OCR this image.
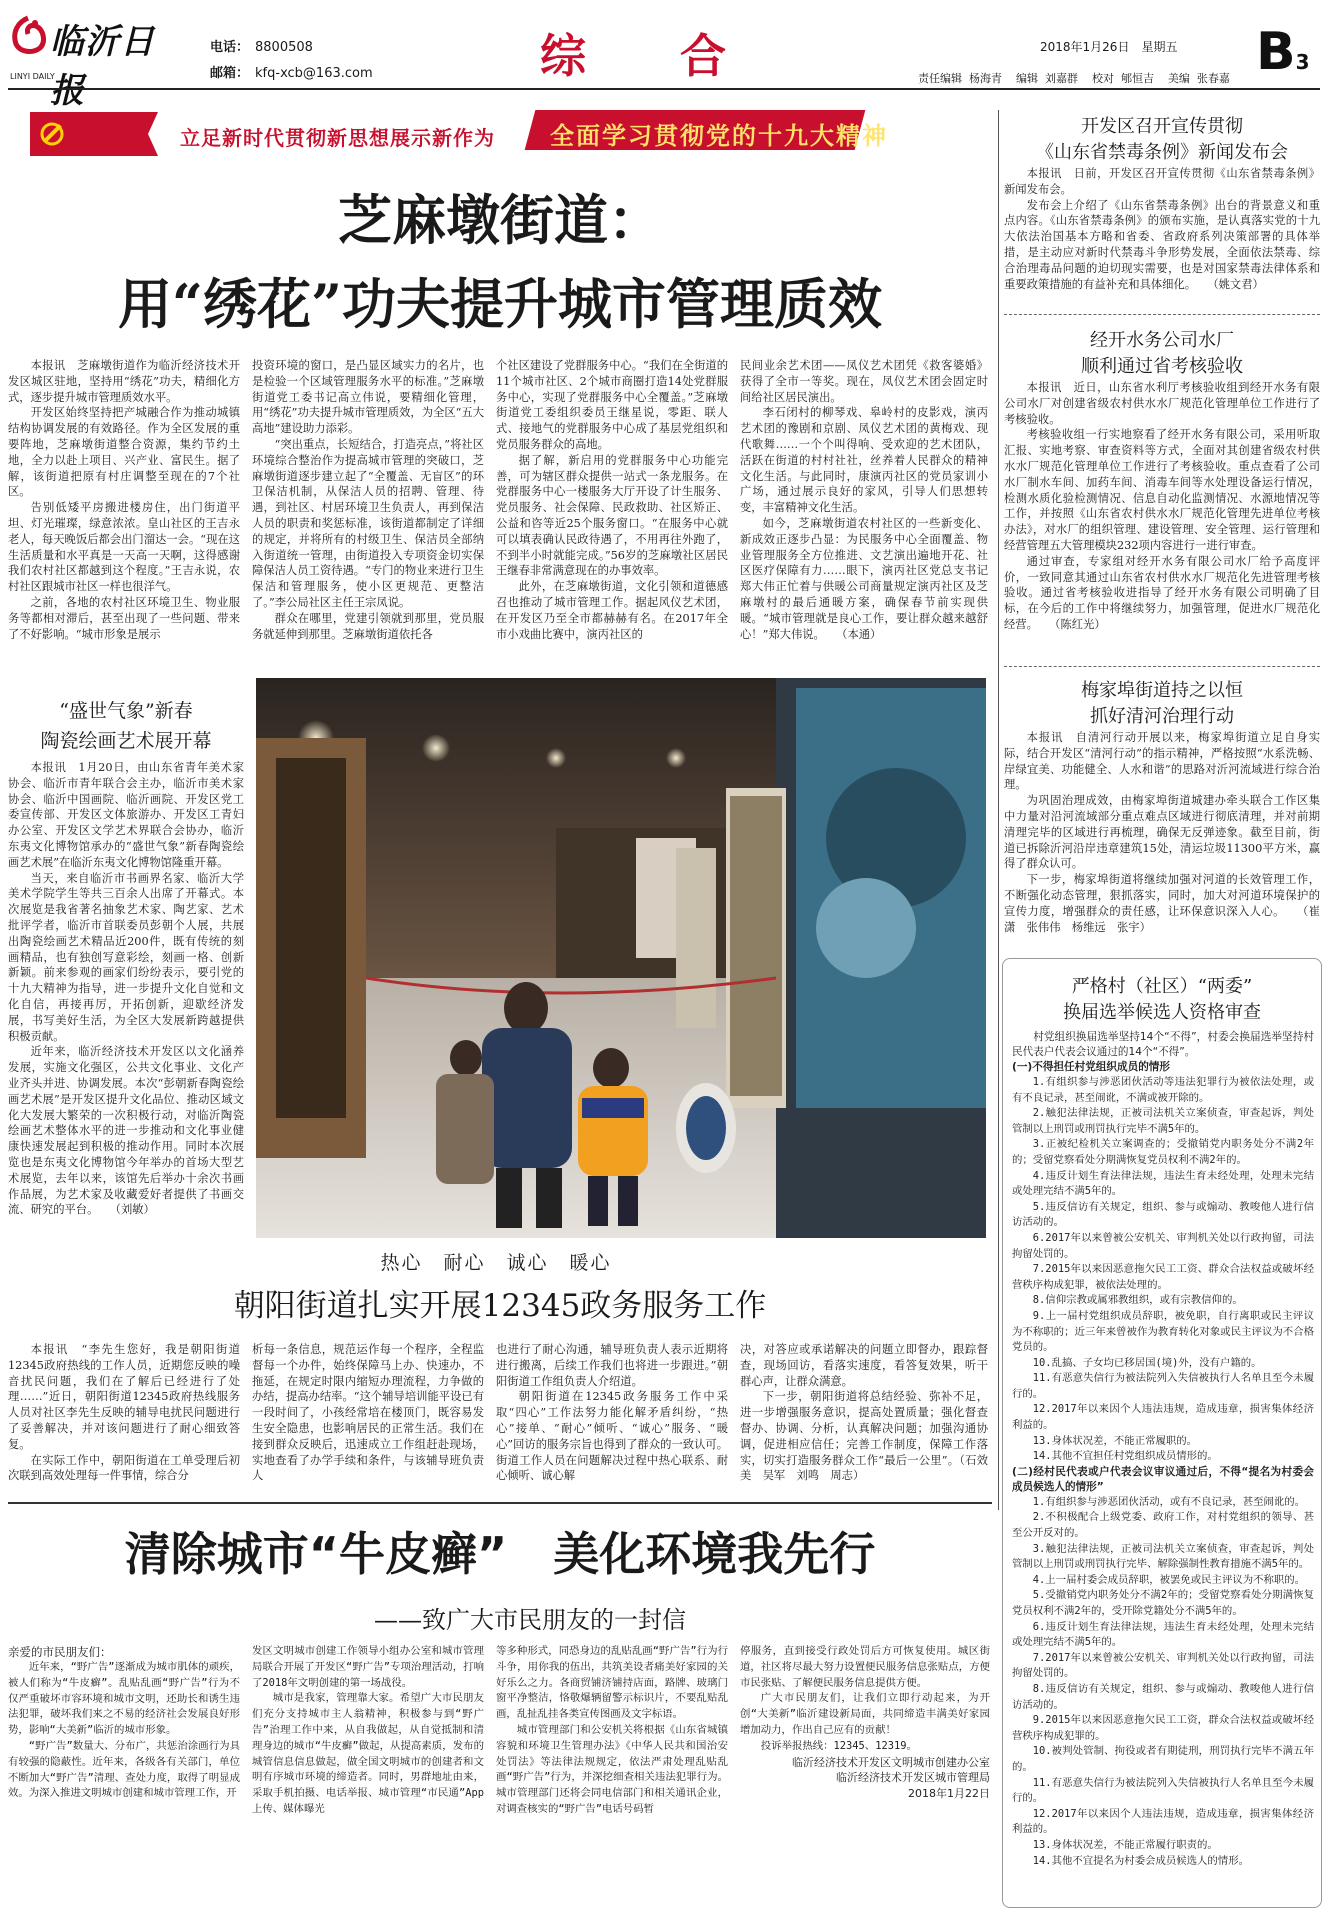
临沂日报
LINYI DAILY
电话： 8800508
邮箱： kfq-xcb@163.com	综 合	2018年1月26日 星期五
责任编辑  杨海青    编辑  刘嘉群    校对  郇恒吉    美编  张春嘉 B3
立足新时代贯彻新思想展示新作为 全面学习贯彻党的十九大精神
芝麻墩街道：
用“绣花”功夫提升城市管理质效

本报讯　芝麻墩街道作为临沂经济技术开发区城区驻地，坚持用“绣花”功夫，精细化方式，逐步提升城市管理质效水平。

开发区始终坚持把产城融合作为推动城镇结构协调发展的有效路径。作为全区发展的重要阵地，芝麻墩街道整合资源，集约节约土地，全力以赴上项目、兴产业、富民生。据了解，该街道把原有村庄调整至现在的7个社区。

告别低矮平房搬进楼房住，出门街道平坦、灯光璀璨，绿意浓浓。皇山社区的王吉永老人，每天晚饭后都会出门溜达一会。“现在这生活质量和水平真是一天高一天啊，这得感谢我们农村社区都越到这个程度。”王吉永说，农村社区跟城市社区一样也很洋气。

之前，各地的农村社区环境卫生、物业服务等都相对滞后，甚至出现了一些问题、带来了不好影响。“城市形象是展示

投资环境的窗口，是凸显区域实力的名片，也是检验一个区域管理服务水平的标准。”芝麻墩街道党工委书记高立伟说，要精细化管理，用“绣花”功夫提升城市管理质效，为全区“五大高地”建设助力添彩。

“突出重点，长短结合，打造亮点，”将社区环境综合整治作为提高城市管理的突破口，芝麻墩街道逐步建立起了“全覆盖、无盲区”的环卫保洁机制，从保洁人员的招聘、管理、待遇，到社区、村居环境卫生负责人，再到保洁人员的职责和奖惩标准，该街道都制定了详细的规定，并将所有的村级卫生、保洁员全部纳入街道统一管理，由街道投入专项资金切实保障保洁人员工资待遇。“专门的物业来进行卫生保洁和管理服务，使小区更规范、更整洁了。”李公局社区主任王宗凤说。

群众在哪里，党建引领就到那里，党员服务就延伸到那里。芝麻墩街道依托各

个社区建设了党群服务中心。“我们在全街道的11个城市社区、2个城市商圈打造14处党群服务中心，实现了党群服务中心全覆盖。”芝麻墩街道党工委组织委员王继星说，零距、联人式、接地气的党群服务中心成了基层党组织和党员服务群众的高地。

据了解，新启用的党群服务中心功能完善，可为辖区群众提供一站式一条龙服务。在党群服务中心一楼服务大厅开设了计生服务、党员服务、社会保障、民政救助、社区矫正、公益和咨等近25个服务窗口。“在服务中心就可以填表确认民政待遇了，不用再往外跑了，不到半小时就能完成。”56岁的芝麻墩社区居民王继春非常满意现在的办事效率。

此外，在芝麻墩街道，文化引领和道德感召也推动了城市管理工作。据起风仪艺术团，在开发区乃至全市都赫赫有名。在2017年全市小戏曲比赛中，演丙社区的

民间业余艺术团——凤仪艺术团凭《救客婆婚》获得了全市一等奖。现在，凤仪艺术团会固定时间给社区居民演出。

李石闭村的柳琴戏、皋岭村的皮影戏，演丙艺术团的豫剧和京剧、凤仪艺术团的黄梅戏、现代歌舞……一个个叫得响、受欢迎的艺术团队，活跃在街道的村村社社，丝养着人民群众的精神文化生活。与此同时，康演丙社区的党员家训小广场，通过展示良好的家风，引导人们思想转变，丰富精神文化生活。

如今，芝麻墩街道农村社区的一些新变化、新成效正逐步凸显：为民服务中心全面覆盖、物业管理服务全方位推进、文艺演出遍地开花、社区医疗保障有力……眼下，演丙社区党总支书记郑大伟正忙着与供暖公司商量规定演丙社区及芝麻墩村的最后通暖方案，确保春节前实现供暖。“城市管理就是良心工作，要让群众越来越舒心！”郑大伟说。　　（本通）

开发区召开宣传贯彻
《山东省禁毒条例》新闻发布会

本报讯　日前，开发区召开宣传贯彻《山东省禁毒条例》新闻发布会。

发布会上介绍了《山东省禁毒条例》出台的背景意义和重点内容。《山东省禁毒条例》的颁布实施，是认真落实党的十九大依法治国基本方略和省委、省政府系列决策部署的具体举措，是主动应对新时代禁毒斗争形势发展，全面依法禁毒、综合治理毒品问题的迫切现实需要，也是对国家禁毒法律体系和重要政策措施的有益补充和具体细化。　　（姚文君）

经开水务公司水厂
顺利通过省考核验收

本报讯　近日，山东省水利厅考核验收组到经开水务有限公司水厂对创建省级农村供水水厂规范化管理单位工作进行了考核验收。

考核验收组一行实地察看了经开水务有限公司，采用听取汇报、实地考察、审查资料等方式，全面对其创建省级农村供水水厂规范化管理单位工作进行了考核验收。重点查看了公司水厂制水车间、加药车间、消毒车间等水处理设备运行情况，检测水质化验检测情况、信息自动化监测情况、水源地情况等工作，并按照《山东省农村供水水厂规范化管理先进单位考核办法》，对水厂的组织管理、建设管理、安全管理、运行管理和经营管理五大管理模块232项内容进行一进行审查。

通过审查，专家组对经开水务有限公司水厂给予高度评价，一致同意其通过山东省农村供水水厂规范化先进管理考核验收。通过省考核验收进指导了经开水务有限公司明确了目标，在今后的工作中将继续努力，加强管理，促进水厂规范化经营。　　（陈红光）

梅家埠街道持之以恒
抓好清河治理行动

本报讯　自清河行动开展以来，梅家埠街道立足自身实际，结合开发区“清河行动”的指示精神，严格按照“水系洗畅、岸绿宜美、功能健全、人水和谐”的思路对沂河流域进行综合治理。

为巩固治理成效，由梅家埠街道城建办牵头联合工作区集中力量对沿河流域部分重点难点区域进行彻底清理，并对前期清理完毕的区域进行再梳理，确保无反弹迹象。截至目前，街道已拆除沂河沿岸违章建筑15处，清运垃圾11300平方米，赢得了群众认可。

下一步，梅家埠街道将继续加强对河道的长效管理工作，不断强化动态管理，狠抓落实，同时，加大对河道环境保护的宣传力度，增强群众的责任感，让环保意识深入人心。　　（崔潇　张伟伟　杨维远　张宇）

严格村（社区）“两委”
换届选举候选人资格审查

村党组织换届选举坚持14个“不得”，村委会换届选举坚持村民代表户代表会议通过的14个“不得”。

(一)不得担任村党组织成员的情形

1.有组织参与涉恶团伙活动等违法犯罪行为被依法处理，或有不良记录，甚至闹讹，不满或被开除的。

2.触犯法律法规，正被司法机关立案侦查，审查起诉，判处管制以上刑罚或刑罚执行完毕不满5年的。

3.正被纪检机关立案调查的；受撤销党内职务处分不满2年的；受留党察看处分期满恢复党员权利不满2年的。

4.违反计划生育法律法规，违法生育未经处理，处理未完结或处理完结不满5年的。

5.违反信访有关规定，组织、参与或煽动、教唆他人进行信访活动的。

6.2017年以来曾被公安机关、审判机关处以行政拘留，司法拘留处罚的。

7.2015年以来因恶意拖欠民工工资、群众合法权益或破坏经营秩序构成犯罪，被依法处理的。

8.信仰宗教或属邪教组织，或有宗教信仰的。

9.上一届村党组织成员辞职，被免职，自行离职或民主评议为不称职的；近三年来曾被作为教育转化对象或民主评议为不合格党员的。

10.乱搞、子女均已移居国(境)外，没有户籍的。

11.有恶意失信行为被法院列入失信被执行人名单且至今未履行的。

12.2017年以来因个人违法违规，造成违章，损害集体经济利益的。

13.身体状况差，不能正常履职的。

14.其他不宜担任村党组织成员情形的。

(二)经村民代表或户代表会议审议通过后，不得“提名为村委会成员候选人的情形”

1.有组织参与涉恶团伙活动，或有不良记录，甚至闹讹的。

2.不积极配合上级党委、政府工作，对村党组织的领导、甚至公开反对的。

3.触犯法律法规，正被司法机关立案侦查，审查起诉，判处管制以上刑罚或刑罚执行完毕、解除强制性教育措施不满5年的。

4.上一届村委会成员辞职，被罢免或民主评议为不称职的。

5.受撤销党内职务处分不满2年的；受留党察看处分期满恢复党员权利不满2年的，受开除党籍处分不满5年的。

6.违反计划生育法律法规，违法生育未经处理，处理未完结或处理完结不满5年的。

7.2017年以来曾被公安机关、审判机关处以行政拘留，司法拘留处罚的。

8.违反信访有关规定，组织、参与或煽动、教唆他人进行信访活动的。

9.2015年以来因恶意拖欠民工工资，群众合法权益或破坏经营秩序构成犯罪的。

10.被判处管制、拘役或者有期徒刑，刑罚执行完毕不满五年的。

11.有恶意失信行为被法院列入失信被执行人名单且至今未履行的。

12.2017年以来因个人违法违规，造成违章，损害集体经济利益的。

13.身体状况差，不能正常履行职责的。

14.其他不宜提名为村委会成员候选人的情形。

“盛世气象”新春
陶瓷绘画艺术展开幕

本报讯　1月20日，由山东省青年美术家协会、临沂市青年联合会主办，临沂市美术家协会、临沂中国画院、临沂画院、开发区党工委宣传部、开发区文体旅游办、开发区工青妇办公室、开发区文学艺术界联合会协办，临沂东夷文化博物馆承办的“盛世气象”新春陶瓷绘画艺术展”在临沂东夷文化博物馆隆重开幕。

当天，来自临沂市书画界名家、临沂大学美术学院学生等共三百余人出席了开幕式。本次展览是我省著名抽象艺术家、陶艺家、艺术批评学者，临沂市首联委员彭朝个人展，共展出陶瓷绘画艺术精品近200件，既有传统的刻画精品，也有独创写意彩绘，刻画一格、创新新颖。前来参观的画家们纷纷表示，要引党的十九大精神为指导，进一步提升文化自觉和文化自信，再接再厉，开拓创新，迎歇经济发展，书写美好生活，为全区大发展新跨越提供积极贡献。

近年来，临沂经济技术开发区以文化涵养发展，实施文化强区，公共文化事业、文化产业齐头并进、协调发展。本次“彭朝新春陶瓷绘画艺术展”是开发区提升文化品位、推动区域文化大发展大繁荣的一次积极行动，对临沂陶瓷绘画艺术整体水平的进一步推动和文化事业健康快速发展起到积极的推动作用。同时本次展览也是东夷文化博物馆今年举办的首场大型艺术展览，去年以来，该馆先后举办十余次书画作品展，为艺术家及收藏爱好者提供了书画交流、研究的平台。　　（刘敏）

热心　耐心　诚心　暖心
朝阳街道扎实开展12345政务服务工作

本报讯　“李先生您好，我是朝阳街道12345政府热线的工作人员，近期您反映的噪音扰民问题，我们在了解后已经进行了处理……”近日，朝阳街道12345政府热线服务人员对社区李先生反映的辅导电扰民问题进行了妥善解决，并对该问题进行了耐心细致答复。

在实际工作中，朝阳街道在工单受理后初次联到高效处理每一件事情，综合分

析每一条信息，规范运作每一个程序，全程监督每一个办件，始终保障马上办、快速办，不拖延，在规定时限内缩短办理流程，力争做的办结，提高办结率。“这个辅导培训能平设已有一段时间了，小孩经常培在楼顶门，既容易发生安全隐患，也影响居民的正常生活。我们在接到群众反映后，迅速成立工作组赶赴现场，实地查看了办学手续和条件，与该辅导班负责人

也进行了耐心沟通，辅导班负责人表示近期将进行搬离，后续工作我们也将进一步跟进。”朝阳街道工作组负责人介绍道。

朝阳街道在12345政务服务工作中采取“四心”工作法努力能化解矛盾纠纷，“热心”接单、“耐心”倾听、“诚心”服务、“暖心”回访的服务宗旨也得到了群众的一致认可。街道工作人员在问题解决过程中热心联系、耐心倾听、诚心解

决，对答应或承诺解决的问题立即督办，跟踪督查，现场回访，看落实速度，看答复效果，听干群心声，让群众满意。

下一步，朝阳街道将总结经验、弥补不足，进一步增强服务意识，提高处置质量；强化督查督办、协调、分析，认真解决问题；加强沟通协调，促进相应信任；完善工作制度，保障工作落实，切实打造服务群众工作“最后一公里”。（石效美　吴军　刘鸣　周志）

清除城市“牛皮癣”　美化环境我先行
——致广大市民朋友的一封信
亲爱的市民朋友们：

近年来，“野广告”逐渐成为城市肌体的顽疾，被人们称为“牛皮癣”。乱贴乱画“野广告”行为不仅严重破坏市容环境和城市文明，还助长和诱生违法犯罪，破坏我们来之不易的经济社会发展良好形势，影响“大美新”临沂的城市形象。

“野广告”数量大、分布广，共惩治涂画行为具有较强的隐蔽性。近年来，各级各有关部门，单位不断加大“野广告”清理、查处力度，取得了明显成效。为深入推进文明城市创建和城市管理工作，开

发区文明城市创建工作领导小组办公室和城市管理局联合开展了开发区“野广告”专项治理活动，打响了2018年文明创建的第一场战役。

城市是我家，管理靠大家。希望广大市民朋友们充分支持城市主人翁精神，积极参与到“野广告”治理工作中来，从自我做起，从自觉抵制和清理身边的城市“牛皮癣”做起，从提高素质，发布的城管信息信息做起，做全国文明城市的创建者和文明有序城市环境的缔造者。同时，男群地址由来，采取手机拍摄、电话举报、城市管理“市民通”App上传、媒体曝光

等多种形式，同恐身边的乱贴乱画“野广告”行为行斗争，用你我的伍出，共筑美设者痛美好家园的关好乐么之力。各商贸铺济铺持店面，路牌、玻璃门窗平净整洁，恪敬爆辆留警示标识片，不要乱贴乱画，乱扯乱挂各类宣传图画及文字标语。

城市管理部门和公安机关将根据《山东省城镇容貌和环境卫生管理办法》《中华人民共和国治安处罚法》等法律法规规定，依法严肃处理乱贴乱画“野广告”行为，并深挖细查相关违法犯罪行为。城市管理部门还将会同电信部门和相关通讯企业，对调查核实的“野广告”电话号码暂

停服务，直到接受行政处罚后方可恢复使用。城区街道，社区将尽最大努力设置便民服务信息张贴点，方便市民张贴、了解便民服务信息提供方便。

广大市民朋友们，让我们立即行动起来，为开创“大美新”临沂建设新局面，共同缔造丰满美好家园增加动力，作出自己应有的贡献！

投诉举报热线：12345、12319。

临沂经济技术开发区文明城市创建办公室

临沂经济技术开发区城市管理局

2018年1月22日
